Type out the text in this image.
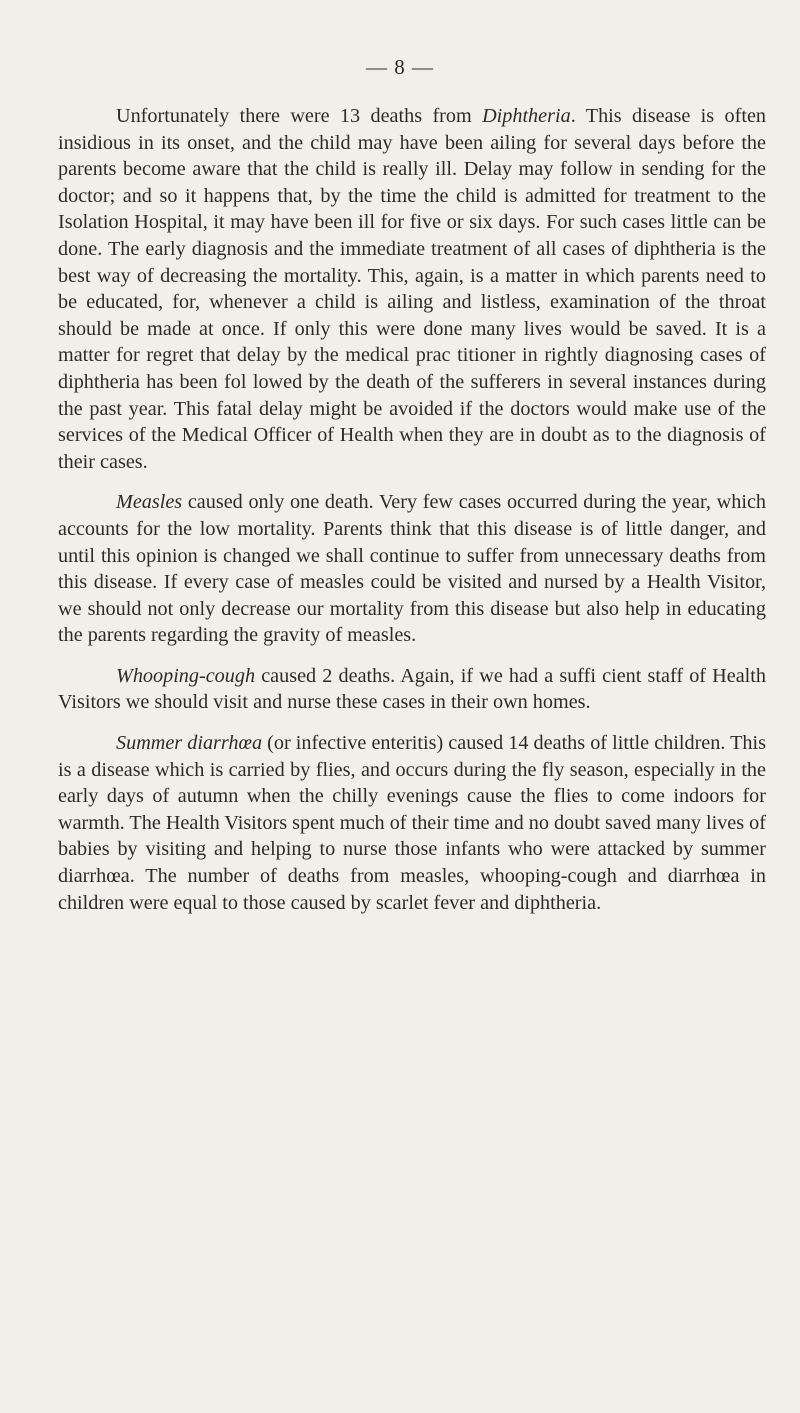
— 8 —

Unfortunately there were 13 deaths from Diphtheria. This disease is often insidious in its onset, and the child may have been ailing for several days before the parents become aware that the child is really ill. Delay may follow in sending for the doctor; and so it happens that, by the time the child is admitted for treatment to the Isolation Hospital, it may have been ill for five or six days. For such cases little can be done. The early diagnosis and the immediate treatment of all cases of diphtheria is the best way of decreasing the mortality. This, again, is a matter in which parents need to be educated, for, whenever a child is ailing and listless, examination of the throat should be made at once. If only this were done many lives would be saved. It is a matter for regret that delay by the medical prac titioner in rightly diagnosing cases of diphtheria has been fol lowed by the death of the sufferers in several instances during the past year. This fatal delay might be avoided if the doctors would make use of the services of the Medical Officer of Health when they are in doubt as to the diagnosis of their cases.

Measles caused only one death. Very few cases occurred during the year, which accounts for the low mortality. Parents think that this disease is of little danger, and until this opinion is changed we shall continue to suffer from unnecessary deaths from this disease. If every case of measles could be visited and nursed by a Health Visitor, we should not only decrease our mortality from this disease but also help in educating the parents regarding the gravity of measles.

Whooping-cough caused 2 deaths. Again, if we had a suffi cient staff of Health Visitors we should visit and nurse these cases in their own homes.

Summer diarrhœa (or infective enteritis) caused 14 deaths of little children. This is a disease which is carried by flies, and occurs during the fly season, especially in the early days of autumn when the chilly evenings cause the flies to come indoors for warmth. The Health Visitors spent much of their time and no doubt saved many lives of babies by visiting and helping to nurse those infants who were attacked by summer diarrhœa. The number of deaths from measles, whooping-cough and diarrhœa in children were equal to those caused by scarlet fever and diphtheria.
